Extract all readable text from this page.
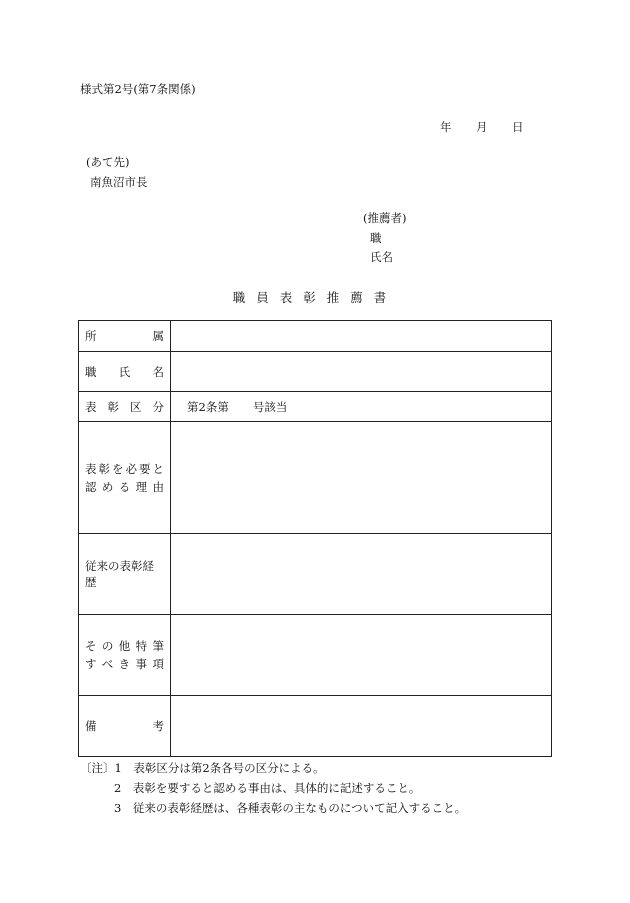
様式第2号(第7条関係)
年 月 日
(あて先)
南魚沼市長
(推薦者)
職
氏名
職員表彰推薦書
所 属	

職 氏 名	

表 彰 区 分	第2条第 号該当

表彰を必要と
認める理由	

従来の表彰経歴	

その他特筆
すべき事項	

備 考	

〔注〕1　表彰区分は第2条各号の区分による。
2　表彰を要すると認める事由は、具体的に記述すること。
3　従来の表彰経歴は、各種表彰の主なものについて記入すること。
